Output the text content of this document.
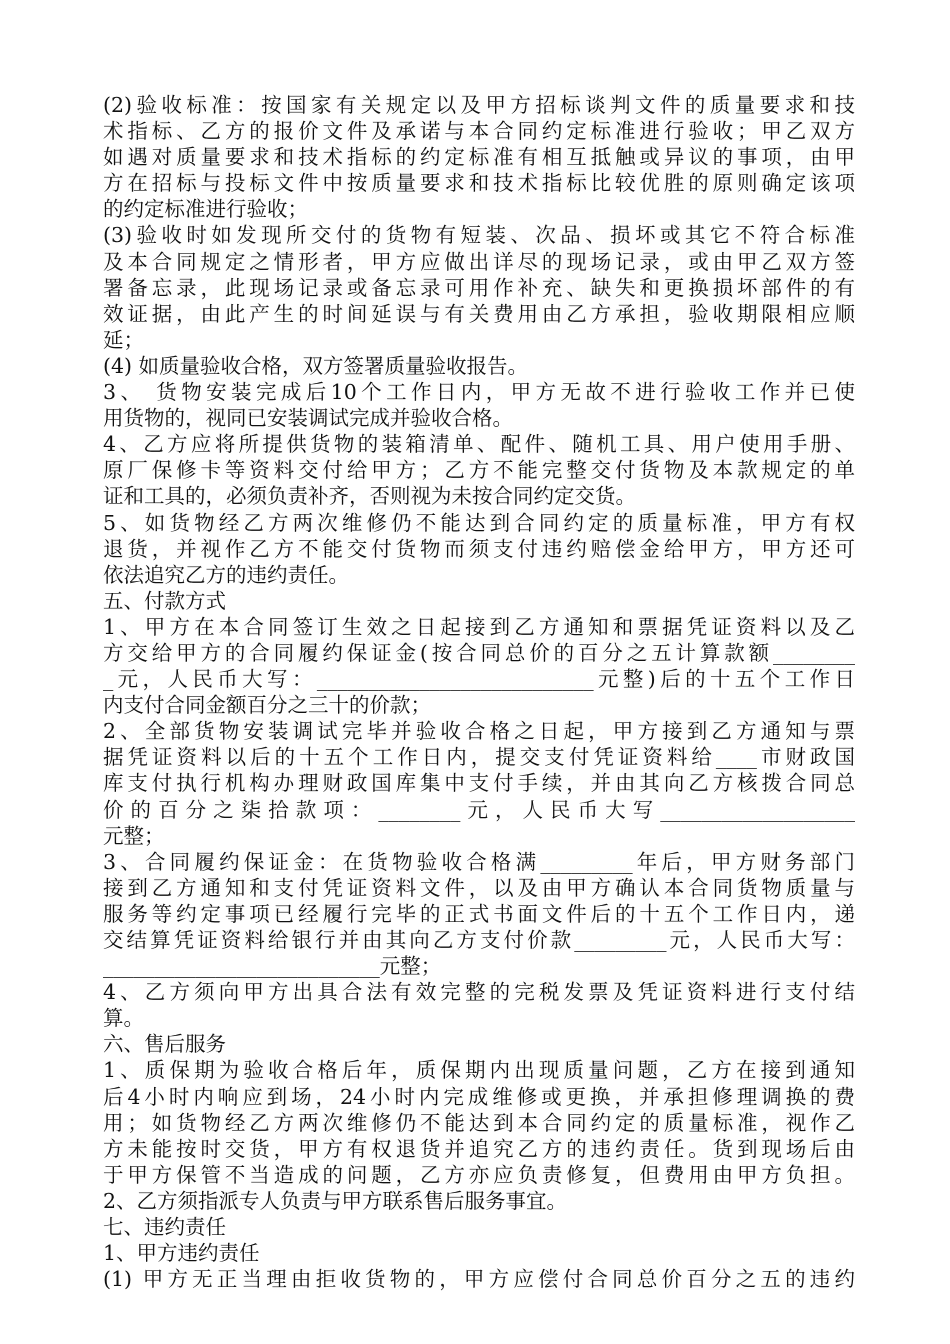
(2)验收标准：按国家有关规定以及甲方招标谈判文件的质量要求和技
术指标、乙方的报价文件及承诺与本合同约定标准进行验收；甲乙双方
如遇对质量要求和技术指标的约定标准有相互抵触或异议的事项，由甲
方在招标与投标文件中按质量要求和技术指标比较优胜的原则确定该项
的约定标准进行验收；
(3)验收时如发现所交付的货物有短装、次品、损坏或其它不符合标准
及本合同规定之情形者，甲方应做出详尽的现场记录，或由甲乙双方签
署备忘录，此现场记录或备忘录可用作补充、缺失和更换损坏部件的有
效证据，由此产生的时间延误与有关费用由乙方承担，验收期限相应顺
延；
(4) 如质量验收合格，双方签署质量验收报告。
3、 货物安装完成后10个工作日内，甲方无故不进行验收工作并已使
用货物的，视同已安装调试完成并验收合格。
4、乙方应将所提供货物的装箱清单、配件、随机工具、用户使用手册、
原厂保修卡等资料交付给甲方；乙方不能完整交付货物及本款规定的单
证和工具的，必须负责补齐，否则视为未按合同约定交货。
5、如货物经乙方两次维修仍不能达到合同约定的质量标准，甲方有权
退货，并视作乙方不能交付货物而须支付违约赔偿金给甲方，甲方还可
依法追究乙方的违约责任。
五、付款方式
1、甲方在本合同签订生效之日起接到乙方通知和票据凭证资料以及乙
方交给甲方的合同履约保证金(按合同总价的百分之五计算款额________
_元，人民币大写：___________________________元整)后的十五个工作日
内支付合同金额百分之三十的价款；
2、全部货物安装调试完毕并验收合格之日起，甲方接到乙方通知与票
据凭证资料以后的十五个工作日内，提交支付凭证资料给____市财政国
库支付执行机构办理财政国库集中支付手续，并由其向乙方核拨合同总
价的百分之柒拾款项：________元，人民币大写___________________
元整；
3、合同履约保证金：在货物验收合格满_________年后，甲方财务部门
接到乙方通知和支付凭证资料文件，以及由甲方确认本合同货物质量与
服务等约定事项已经履行完毕的正式书面文件后的十五个工作日内，递
交结算凭证资料给银行并由其向乙方支付价款_________元，人民币大写：
___________________________元整；
4、乙方须向甲方出具合法有效完整的完税发票及凭证资料进行支付结
算。
六、售后服务
1、质保期为验收合格后年，质保期内出现质量问题，乙方在接到通知
后4小时内响应到场，24小时内完成维修或更换，并承担修理调换的费
用；如货物经乙方两次维修仍不能达到本合同约定的质量标准，视作乙
方未能按时交货，甲方有权退货并追究乙方的违约责任。货到现场后由
于甲方保管不当造成的问题，乙方亦应负责修复，但费用由甲方负担。
2、乙方须指派专人负责与甲方联系售后服务事宜。
七、违约责任
1、甲方违约责任
(1) 甲方无正当理由拒收货物的，甲方应偿付合同总价百分之五的违约
